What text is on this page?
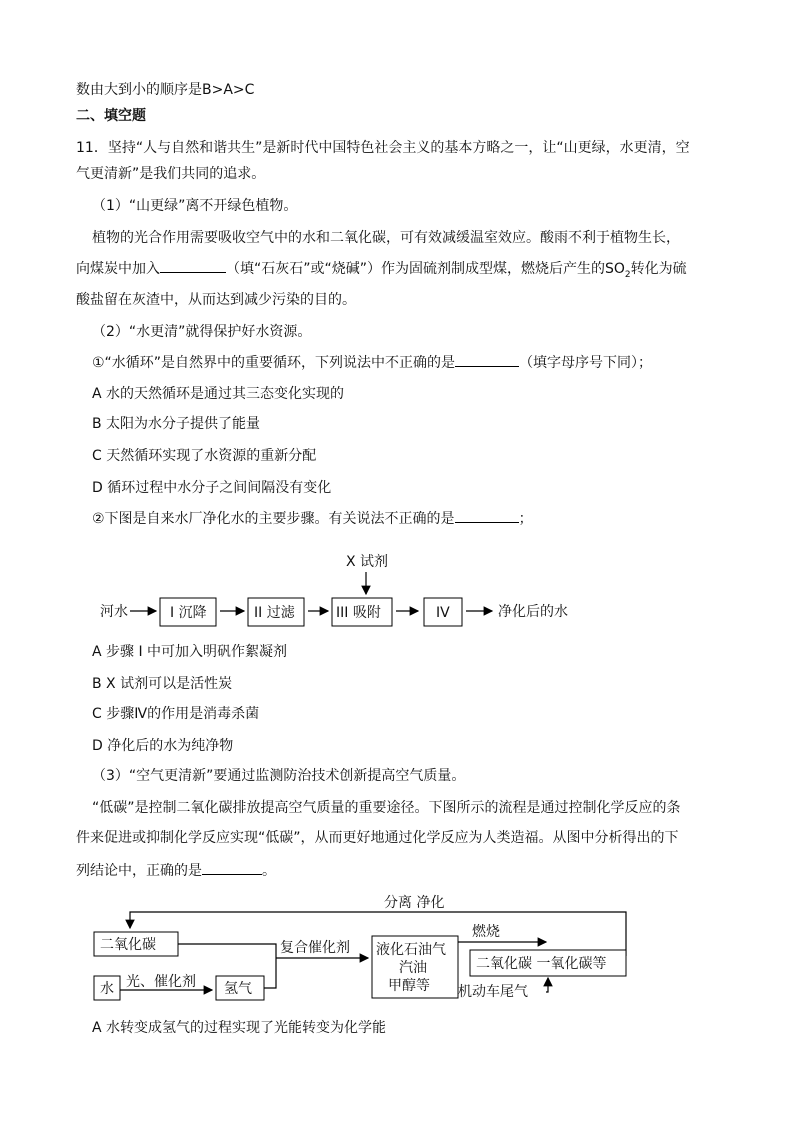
数由大到小的顺序是B>A>C
二、填空题
11．坚持“人与自然和谐共生”是新时代中国特色社会主义的基本方略之一，让“山更绿，水更清，空
气更清新”是我们共同的追求。
（1）“山更绿”离不开绿色植物。
植物的光合作用需要吸收空气中的水和二氧化碳，可有效减缓温室效应。酸雨不利于植物生长，
向煤炭中加入	（填“石灰石”或“烧碱”）作为固硫剂制成型煤，燃烧后产生的$SO_2$转化为硫
酸盐留在灰渣中，从而达到减少污染的目的。
（2）“水更清”就得保护好水资源。
①“水循环”是自然界中的重要循环，下列说法中不正确的是	（填字母序号下同）；
A 水的天然循环是通过其三态变化实现的
B 太阳为水分子提供了能量
C 天然循环实现了水资源的重新分配
D 循环过程中水分子之间间隔没有变化
②下图是自来水厂净化水的主要步骤。有关说法不正确的是	；
X 试剂
河水	I 沉降	II 过滤	III 吸附	IV	净化后的水
A 步骤 I 中可加入明矾作絮凝剂
B X 试剂可以是活性炭
C 步骤Ⅳ的作用是消毒杀菌
D 净化后的水为纯净物
（3）“空气更清新”要通过监测防治技术创新提高空气质量。
“低碳”是控制二氧化碳排放提高空气质量的重要途径。下图所示的流程是通过控制化学反应的条
件来促进或抑制化学反应实现“低碳”，从而更好地通过化学反应为人类造福。从图中分析得出的下
列结论中，正确的是	。
分离 净化
二氧化碳
水 光、催化剂 氢气
复合催化剂 液化石油气
汽油
甲醇等
燃烧
二氧化碳 一氧化碳等
机动车尾气
A 水转变成氢气的过程实现了光能转变为化学能
